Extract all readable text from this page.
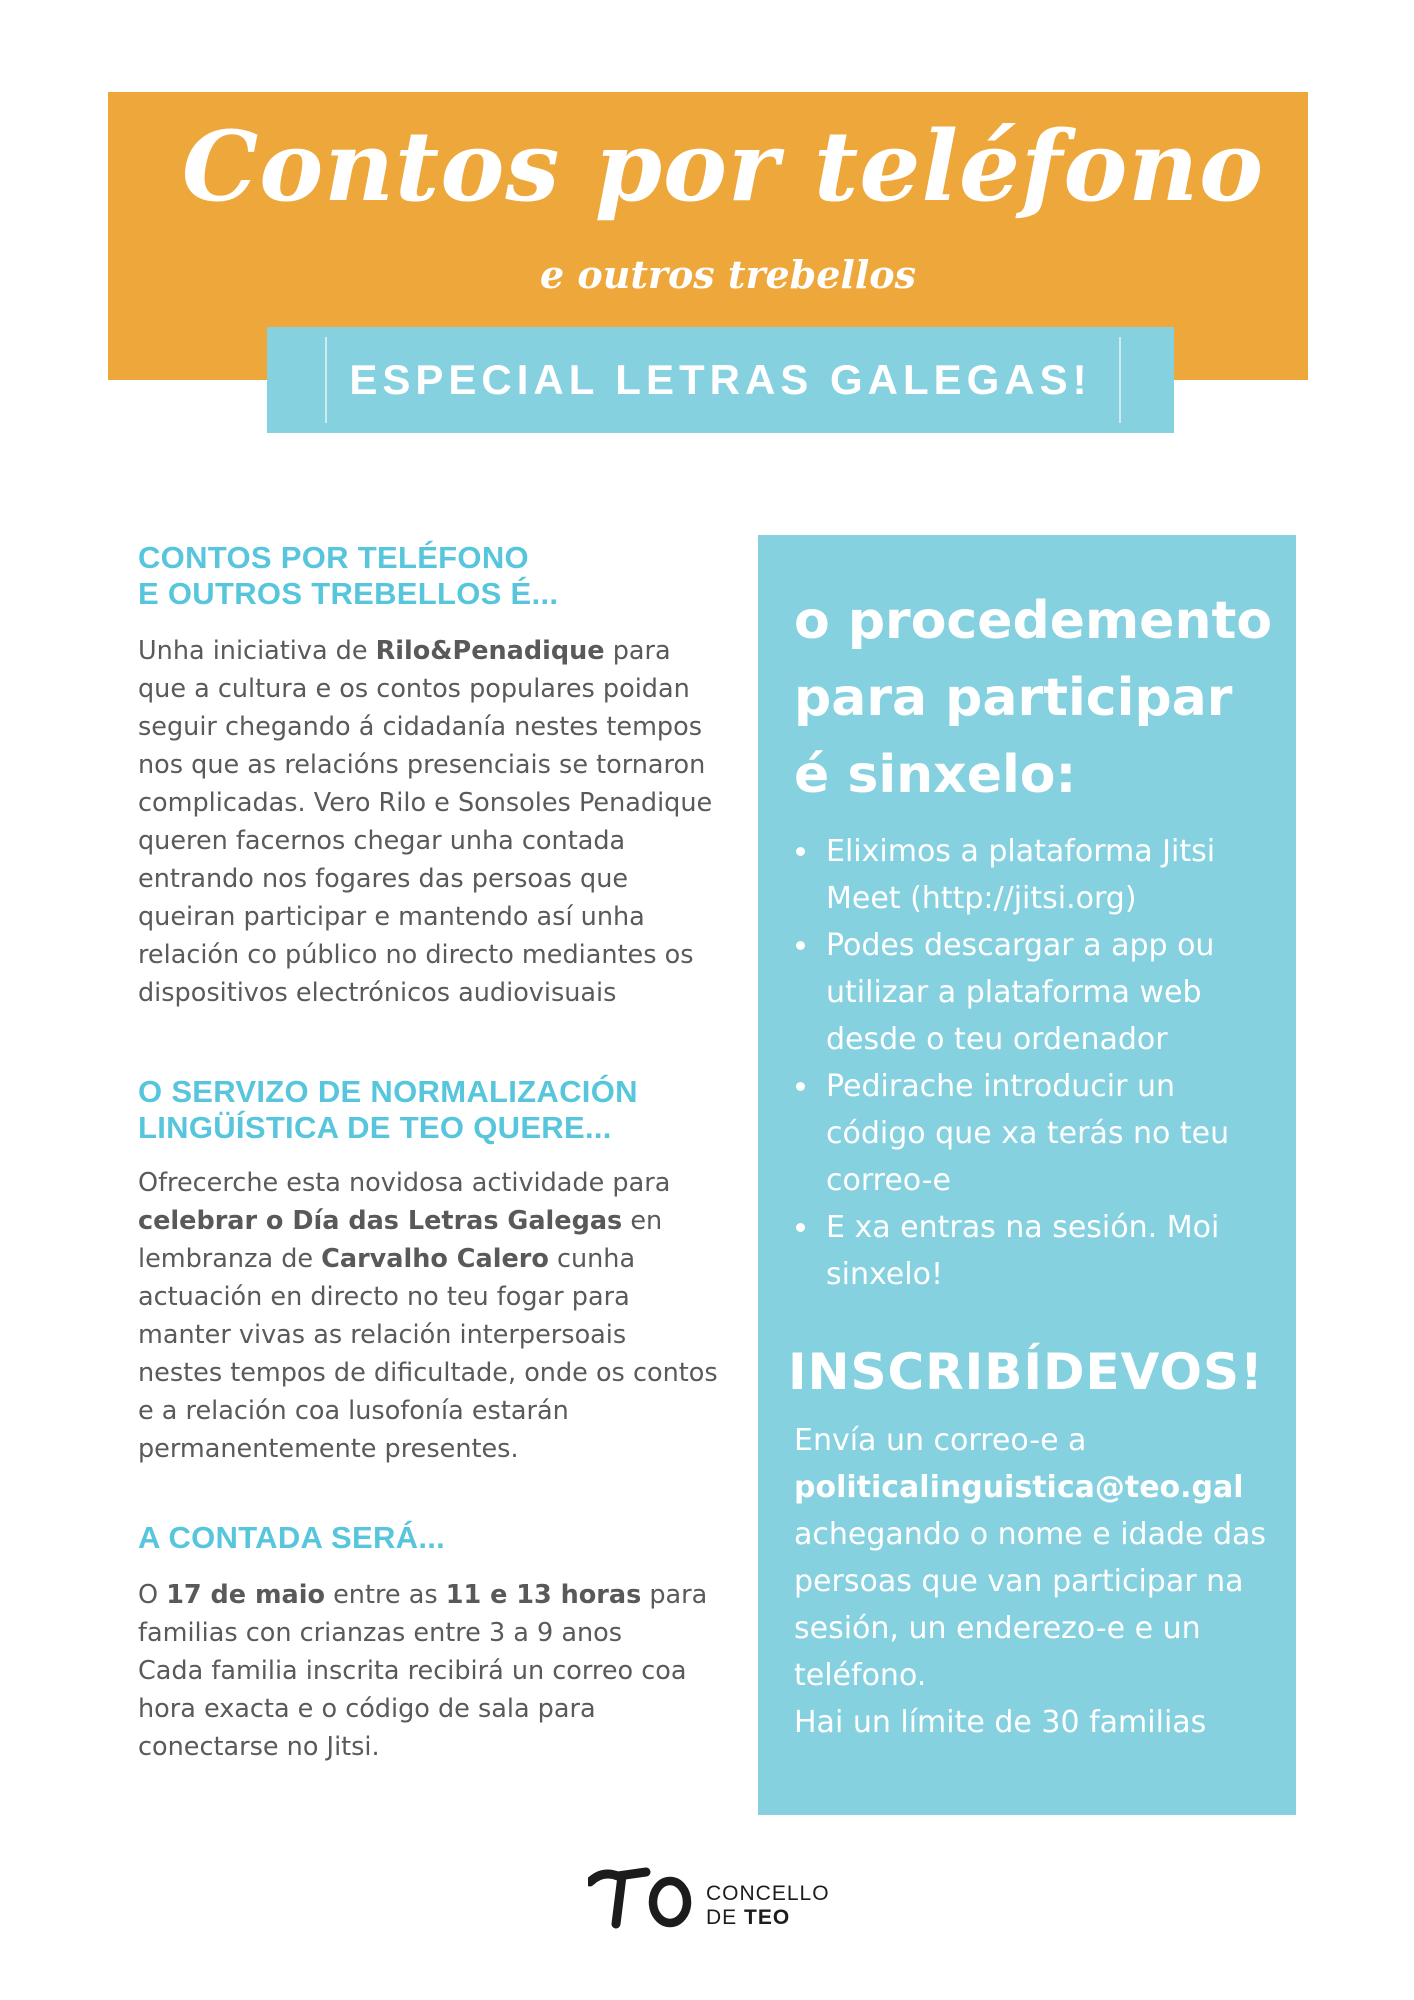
Contos por teléfono
e outros trebellos
ESPECIAL LETRAS GALEGAS!
CONTOS POR TELÉFONO
E OUTROS TREBELLOS É...

Unha iniciativa de Rilo&Penadique para que a cultura e os contos populares poidan seguir chegando á cidadanía nestes tempos nos que as relacións presenciais se tornaron complicadas. Vero Rilo e Sonsoles Penadique queren facernos chegar unha contada entrando nos fogares das persoas que queiran participar e mantendo así unha relación co público no directo mediantes os dispositivos electrónicos audiovisuais

O SERVIZO DE NORMALIZACIÓN
LINGÜÍSTICA DE TEO QUERE...

Ofrecerche esta novidosa actividade para celebrar o Día das Letras Galegas en lembranza de Carvalho Calero cunha actuación en directo no teu fogar para manter vivas as relación interpersoais nestes tempos de dificultade, onde os contos e a relación coa lusofonía estarán permanentemente presentes.

A CONTADA SERÁ...

O 17 de maio entre as 11 e 13 horas para familias con crianzas entre 3 a 9 anos
Cada familia inscrita recibirá un correo coa hora exacta e o código de sala para conectarse no Jitsi.

o procedemento
para participar
é sinxelo:
Eliximos a plataforma Jitsi Meet (http://jitsi.org)
Podes descargar a app ou utilizar a plataforma web desde o teu ordenador
Pedirache introducir un código que xa terás no teu correo-e
E xa entras na sesión. Moi sinxelo!
INSCRIBÍDEVOS!

Envía un correo-e a
politicalinguistica@teo.gal
achegando o nome e idade das persoas que van participar na sesión, un enderezo-e e un teléfono.
Hai un límite de 30 familias

CONCELLO
DE TEO
